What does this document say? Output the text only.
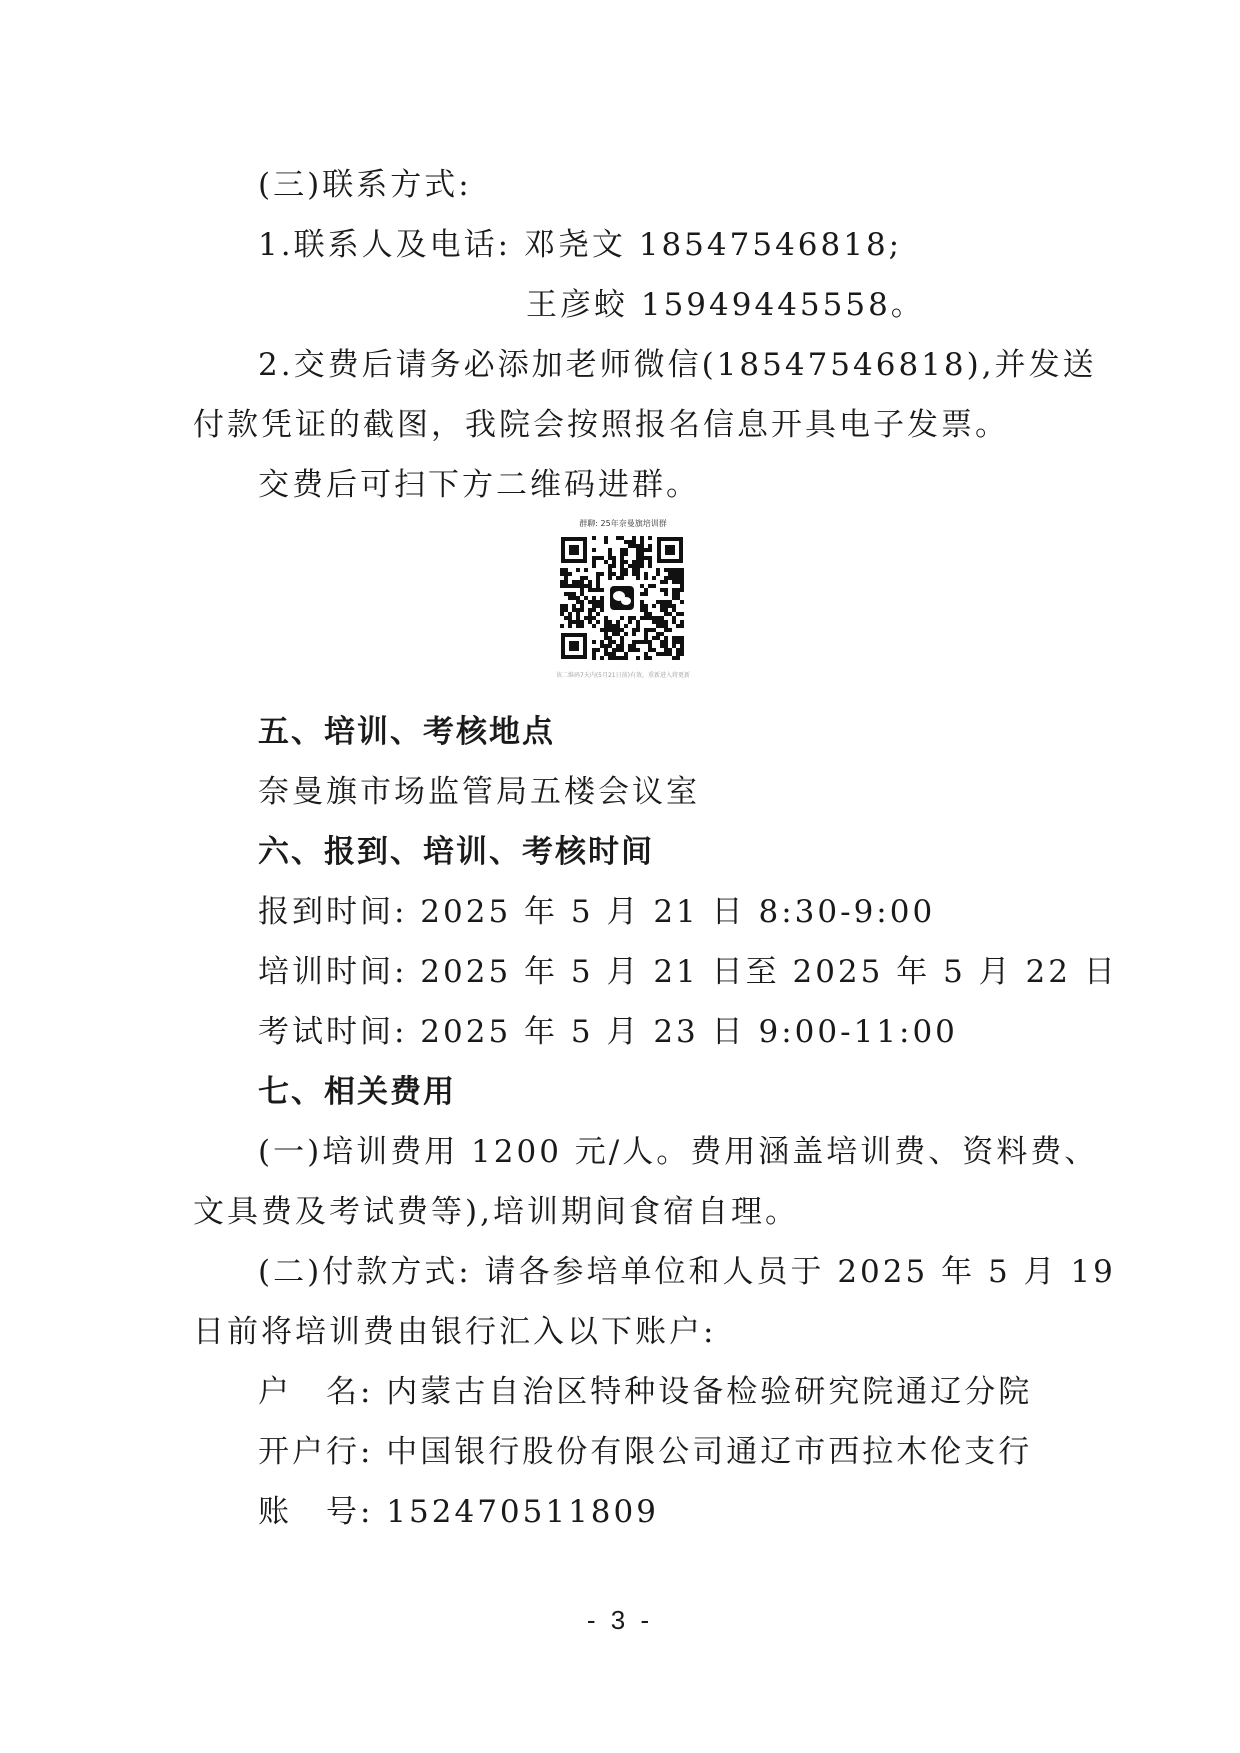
(三)联系方式:
1.联系人及电话: 邓尧文 18547546818;
王彦蛟 15949445558。
2.交费后请务必添加老师微信(18547546818),并发送
付款凭证的截图，我院会按照报名信息开具电子发票。
交费后可扫下方二维码进群。
群聊: 25年奈曼旗培训群
该二维码7天内(5月21日前)有效，重新进入将更新
五、培训、考核地点
奈曼旗市场监管局五楼会议室
六、报到、培训、考核时间
报到时间: 2025 年 5 月 21 日 8:30-9:00
培训时间: 2025 年 5 月 21 日至 2025 年 5 月 22 日
考试时间: 2025 年 5 月 23 日 9:00-11:00
七、相关费用
(一)培训费用 1200 元/人。费用涵盖培训费、资料费、
文具费及考试费等),培训期间食宿自理。
(二)付款方式: 请各参培单位和人员于 2025 年 5 月 19
日前将培训费由银行汇入以下账户:
户　名: 内蒙古自治区特种设备检验研究院通辽分院
开户行: 中国银行股份有限公司通辽市西拉木伦支行
账　号: 152470511809
- 3 -
